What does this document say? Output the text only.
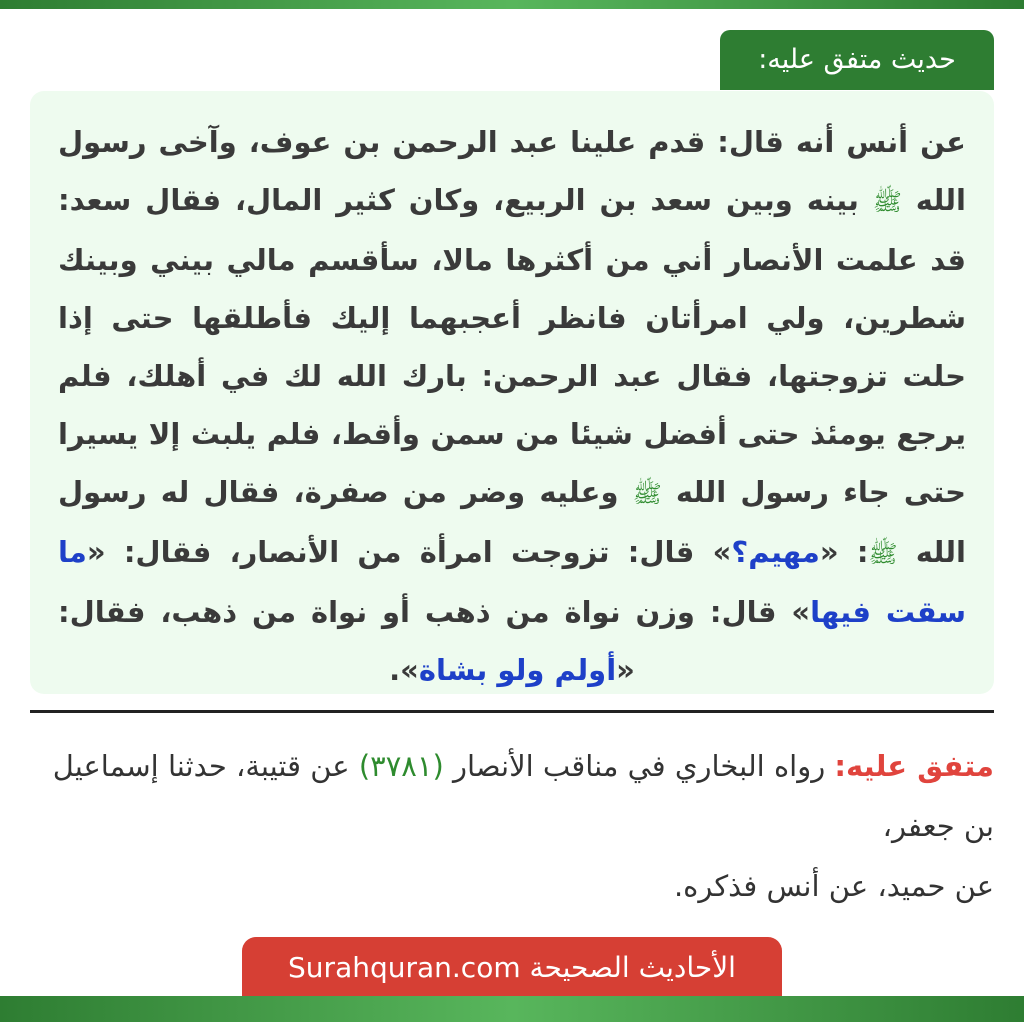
حديث متفق عليه:

عن أنس أنه قال: قدم علينا عبد الرحمن بن عوف، وآخى رسول الله ﷺ بينه وبين سعد بن الربيع، وكان كثير المال، فقال سعد: قد علمت الأنصار أني من أكثرها مالا، سأقسم مالي بيني وبينك شطرين، ولي امرأتان فانظر أعجبهما إليك فأطلقها حتى إذا حلت تزوجتها، فقال عبد الرحمن: بارك الله لك في أهلك، فلم يرجع يومئذ حتى أفضل شيئا من سمن وأقط، فلم يلبث إلا يسيرا حتى جاء رسول الله ﷺ وعليه وضر من صفرة، فقال له رسول الله ﷺ: «مهيم؟» قال: تزوجت امرأة من الأنصار، فقال: «ما سقت فيها» قال: وزن نواة من ذهب أو نواة من ذهب، فقال: «أولم ولو بشاة».

متفق عليه: رواه البخاري في مناقب الأنصار (٣٧٨١) عن قتيبة، حدثنا إسماعيل بن جعفر،

عن حميد، عن أنس فذكره.

الأحاديث الصحيحة Surahquran.com
